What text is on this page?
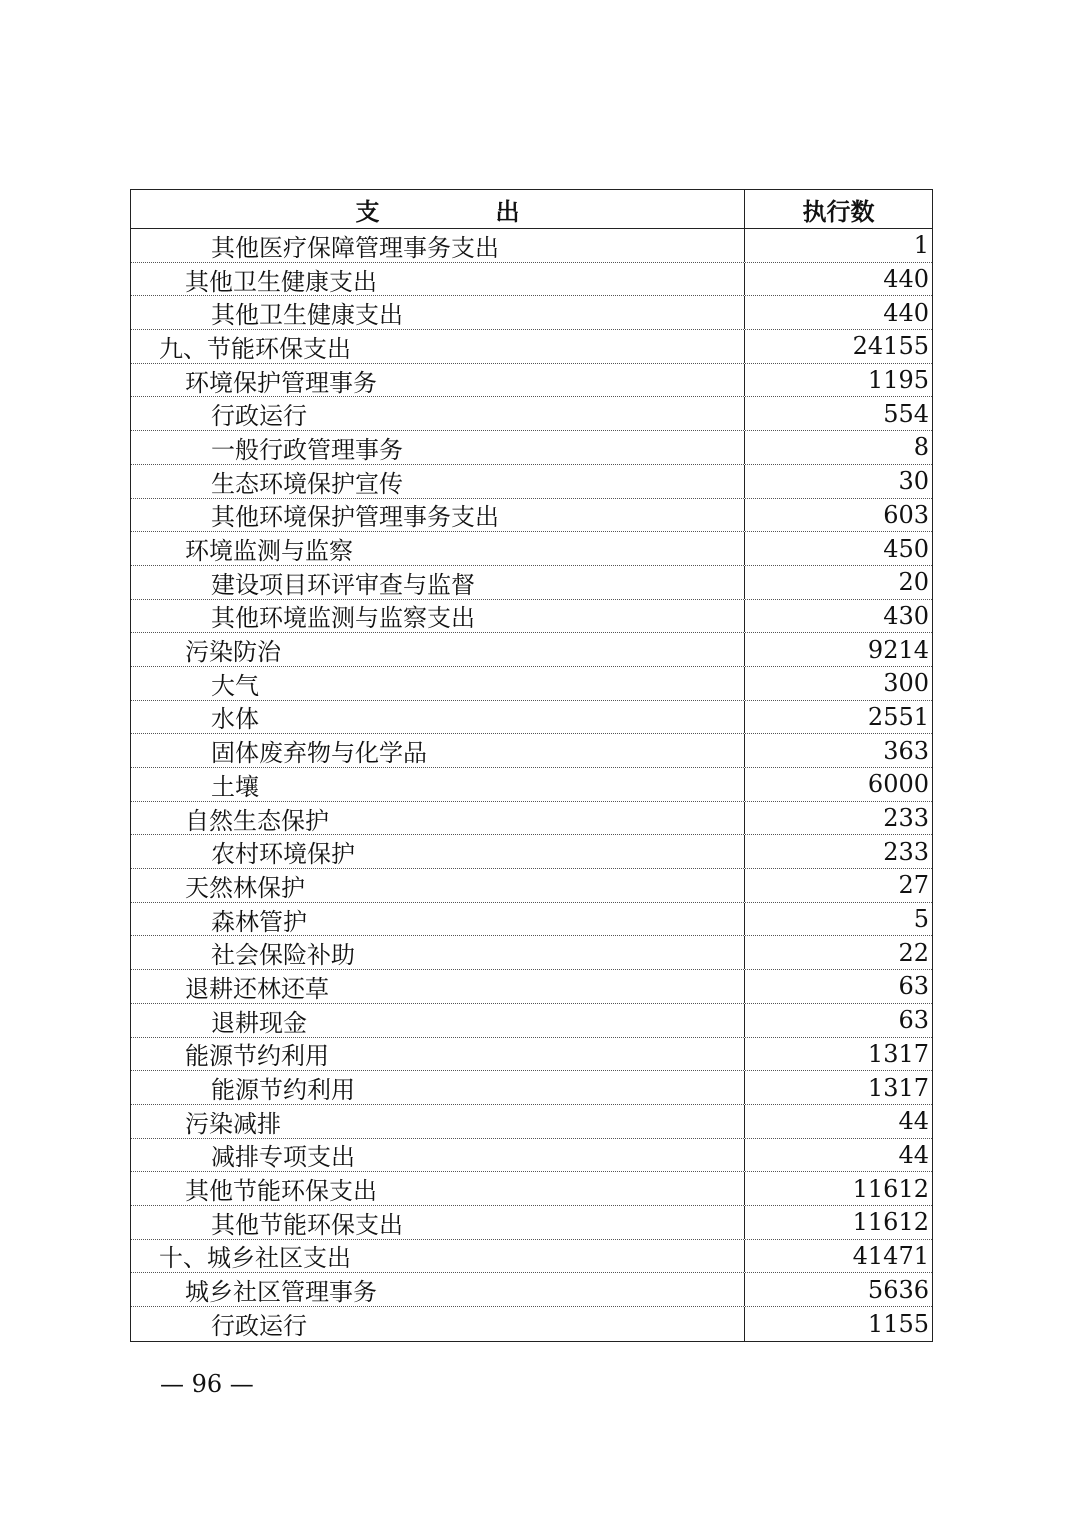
支出	执行数
其他医疗保障管理事务支出	1
其他卫生健康支出	440
其他卫生健康支出	440
九、节能环保支出	24155
环境保护管理事务	1195
行政运行	554
一般行政管理事务	8
生态环境保护宣传	30
其他环境保护管理事务支出	603
环境监测与监察	450
建设项目环评审查与监督	20
其他环境监测与监察支出	430
污染防治	9214
大气	300
水体	2551
固体废弃物与化学品	363
土壤	6000
自然生态保护	233
农村环境保护	233
天然林保护	27
森林管护	5
社会保险补助	22
退耕还林还草	63
退耕现金	63
能源节约利用	1317
能源节约利用	1317
污染减排	44
减排专项支出	44
其他节能环保支出	11612
其他节能环保支出	11612
十、城乡社区支出	41471
城乡社区管理事务	5636
行政运行	1155
— 96 —
